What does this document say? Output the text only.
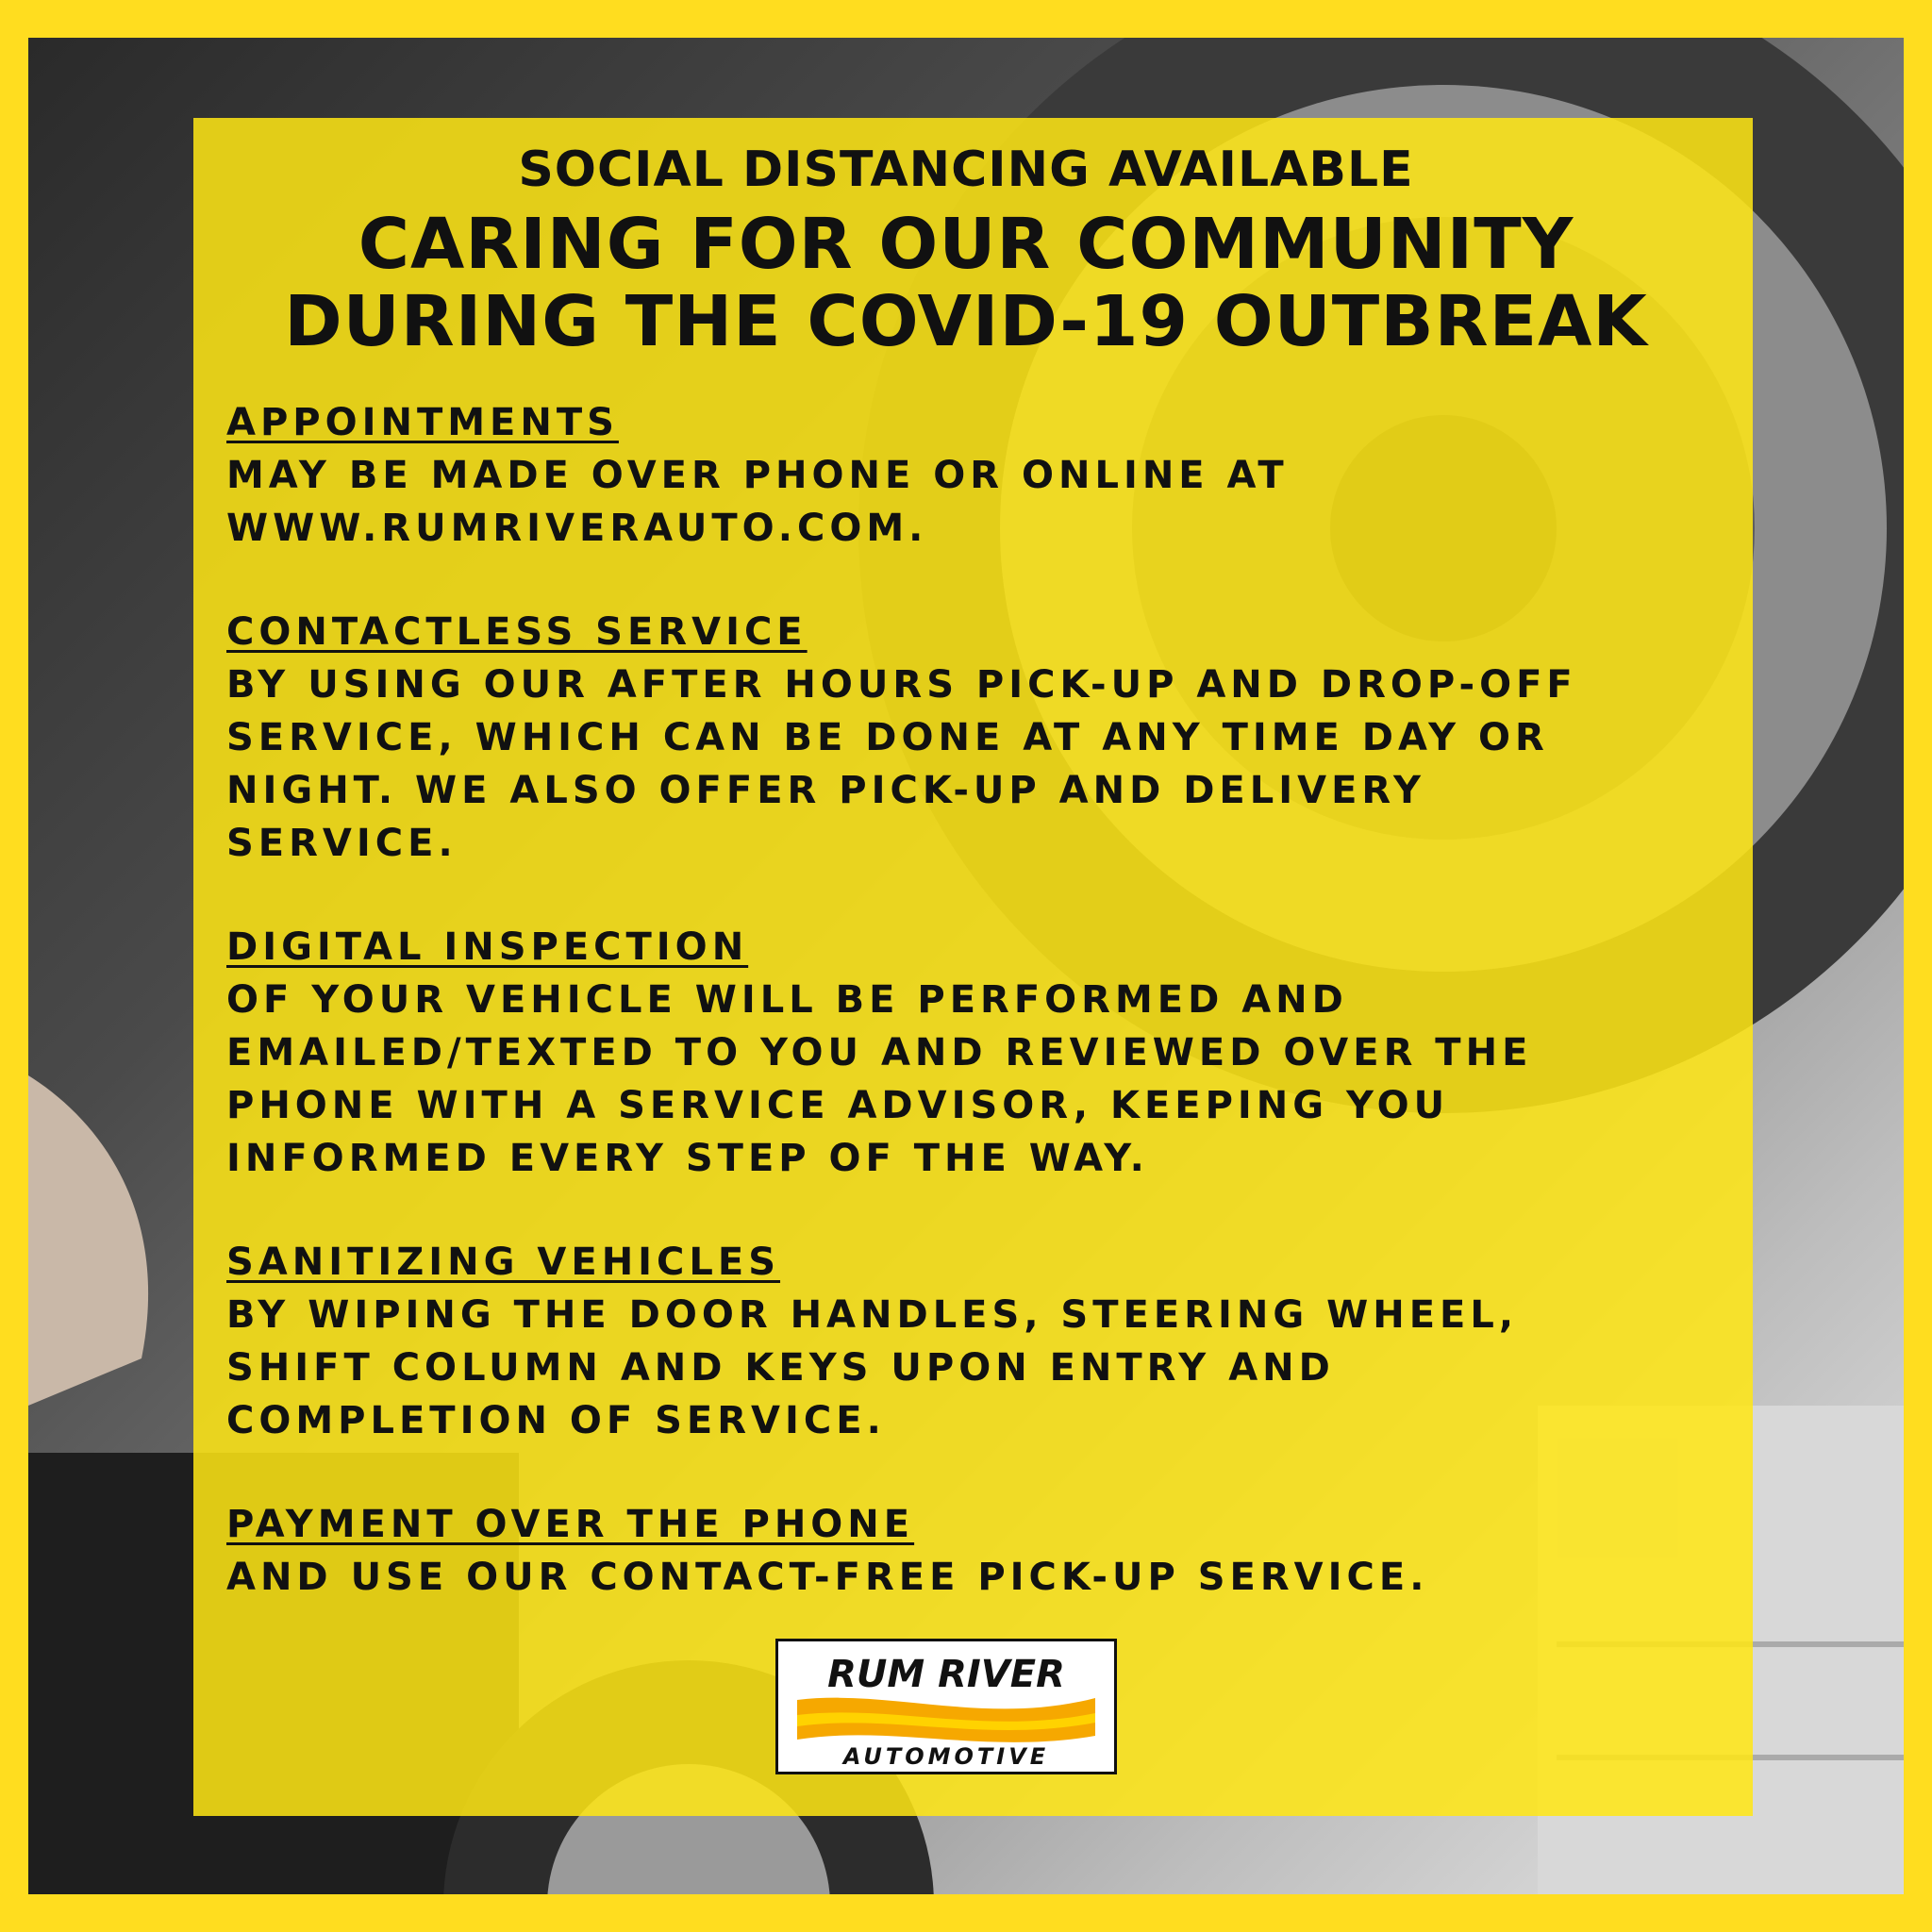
SOCIAL DISTANCING AVAILABLE
CARING FOR OUR COMMUNITY
DURING THE COVID-19 OUTBREAK
APPOINTMENTS
MAY BE MADE OVER PHONE OR ONLINE AT
WWW.RUMRIVERAUTO.COM.
CONTACTLESS SERVICE
BY USING OUR AFTER HOURS PICK-UP AND DROP-OFF
SERVICE, WHICH CAN BE DONE AT ANY TIME DAY OR
NIGHT. WE ALSO OFFER PICK-UP AND DELIVERY
SERVICE.
DIGITAL INSPECTION
OF YOUR VEHICLE WILL BE PERFORMED AND
EMAILED/TEXTED TO YOU AND REVIEWED OVER THE
PHONE WITH A SERVICE ADVISOR, KEEPING YOU
INFORMED EVERY STEP OF THE WAY.
SANITIZING VEHICLES
BY WIPING THE DOOR HANDLES, STEERING WHEEL,
SHIFT COLUMN AND KEYS UPON ENTRY AND
COMPLETION OF SERVICE.
PAYMENT OVER THE PHONE
AND USE OUR CONTACT-FREE PICK-UP SERVICE.
RUM RIVER
AUTOMOTIVE
